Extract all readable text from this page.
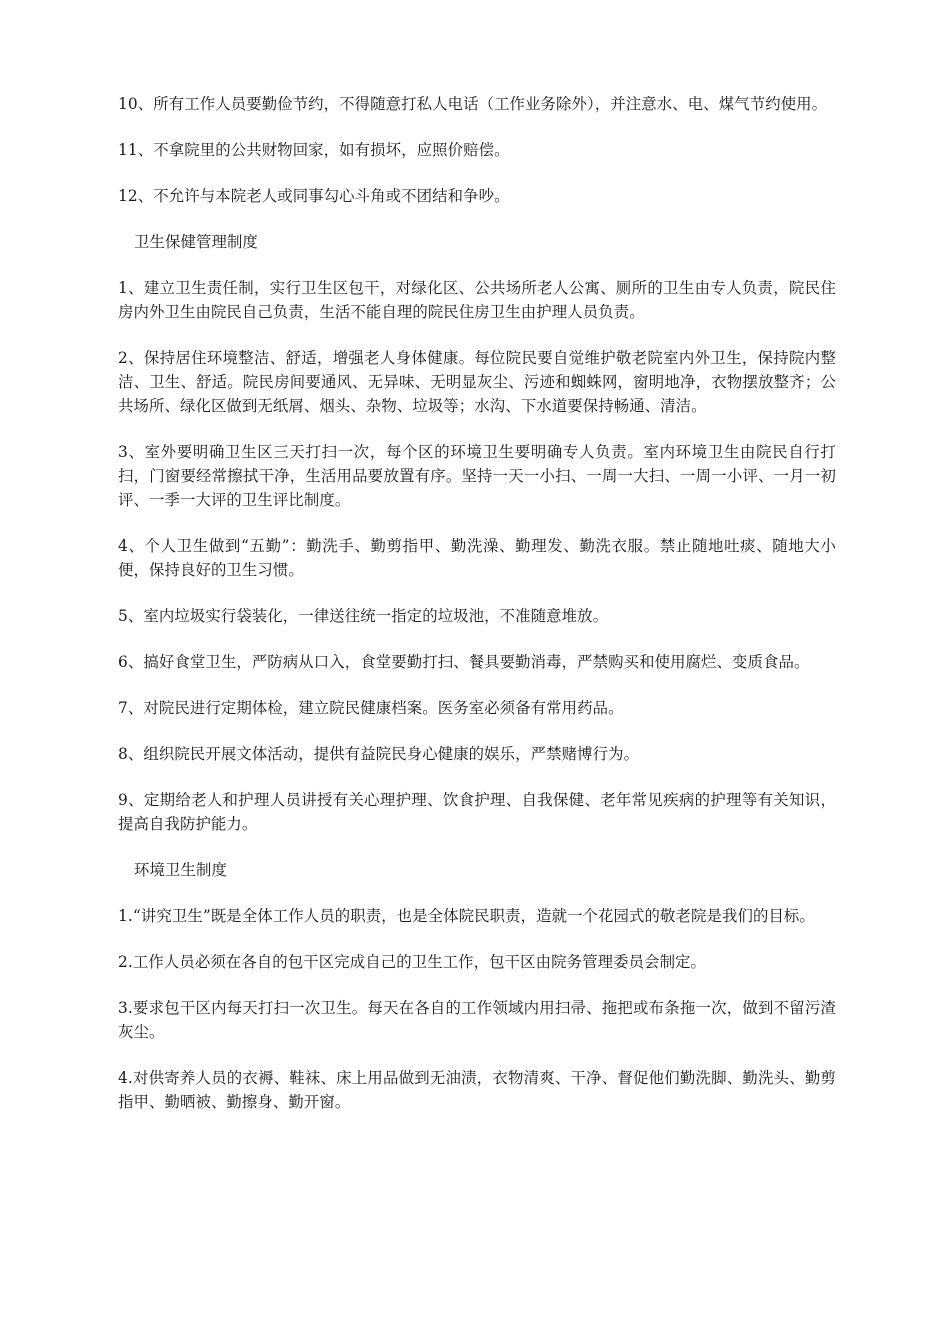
10、所有工作人员要勤俭节约，不得随意打私人电话（工作业务除外），并注意水、电、煤气节约使用。

11、不拿院里的公共财物回家，如有损坏，应照价赔偿。

12、不允许与本院老人或同事勾心斗角或不团结和争吵。

卫生保健管理制度

1、建立卫生责任制，实行卫生区包干，对绿化区、公共场所老人公寓、厕所的卫生由专人负责，院民住房内外卫生由院民自己负责，生活不能自理的院民住房卫生由护理人员负责。

2、保持居住环境整洁、舒适，增强老人身体健康。每位院民要自觉维护敬老院室内外卫生，保持院内整洁、卫生、舒适。院民房间要通风、无异味、无明显灰尘、污迹和蜘蛛网，窗明地净，衣物摆放整齐；公共场所、绿化区做到无纸屑、烟头、杂物、垃圾等；水沟、下水道要保持畅通、清洁。

3、室外要明确卫生区三天打扫一次，每个区的环境卫生要明确专人负责。室内环境卫生由院民自行打扫，门窗要经常擦拭干净，生活用品要放置有序。坚持一天一小扫、一周一大扫、一周一小评、一月一初评、一季一大评的卫生评比制度。

4、个人卫生做到“五勤”：勤洗手、勤剪指甲、勤洗澡、勤理发、勤洗衣服。禁止随地吐痰、随地大小便，保持良好的卫生习惯。

5、室内垃圾实行袋装化，一律送往统一指定的垃圾池，不准随意堆放。

6、搞好食堂卫生，严防病从口入，食堂要勤打扫、餐具要勤消毒，严禁购买和使用腐烂、变质食品。

7、对院民进行定期体检，建立院民健康档案。医务室必须备有常用药品。

8、组织院民开展文体活动，提供有益院民身心健康的娱乐，严禁赌博行为。

9、定期给老人和护理人员讲授有关心理护理、饮食护理、自我保健、老年常见疾病的护理等有关知识，提高自我防护能力。

环境卫生制度

1.“讲究卫生”既是全体工作人员的职责，也是全体院民职责，造就一个花园式的敬老院是我们的目标。

2.工作人员必须在各自的包干区完成自己的卫生工作，包干区由院务管理委员会制定。

3.要求包干区内每天打扫一次卫生。每天在各自的工作领域内用扫帚、拖把或布条拖一次，做到不留污渣灰尘。

4.对供寄养人员的衣褥、鞋袜、床上用品做到无油渍，衣物清爽、干净、督促他们勤洗脚、勤洗头、勤剪指甲、勤晒被、勤擦身、勤开窗。
